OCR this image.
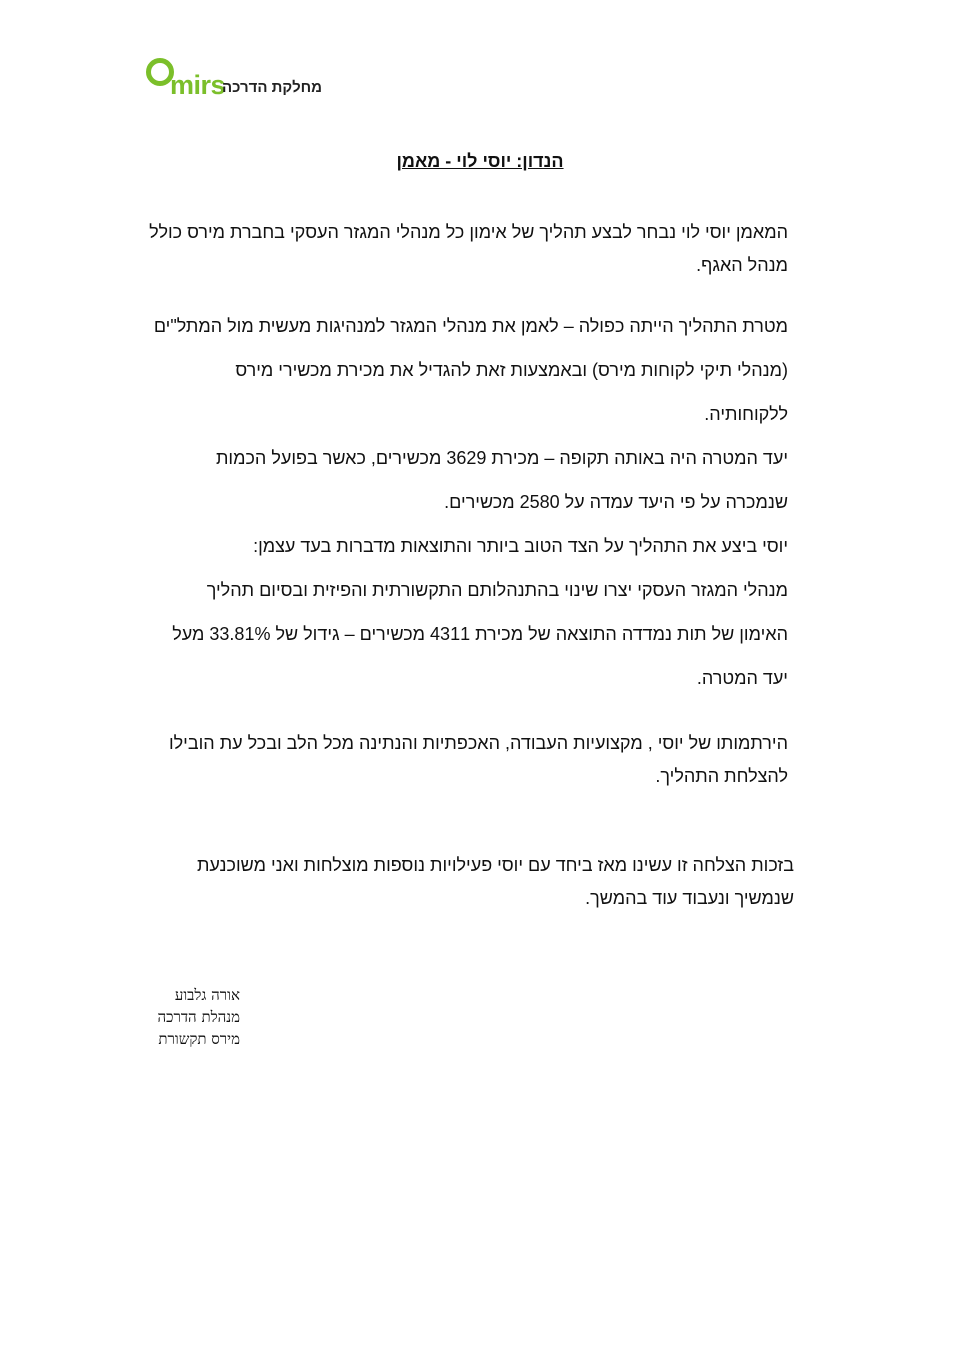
mirs
מחלקת הדרכה
הנדון: יוסי לוי - מאמן
המאמן יוסי לוי נבחר לבצע תהליך של אימון כל מנהלי המגזר העסקי בחברת מירס כולל
מנהל האגף.
מטרת התהליך הייתה כפולה – לאמן את מנהלי המגזר למנהיגות מעשית מול המתל"ים
(מנהלי תיקי לקוחות מירס) ובאמצעות זאת להגדיל את מכירת מכשירי מירס
ללקוחותיה.
יעד המטרה היה באותה תקופה – מכירת 3629 מכשירים, כאשר בפועל הכמות
שנמכרה על פי היעד עמדה על 2580 מכשירים.
יוסי ביצע את התהליך על הצד הטוב ביותר והתוצאות מדברות בעד עצמן:
מנהלי המגזר העסקי יצרו שינוי בהתנהלותם התקשורתית והפיזית ובסיום תהליך
האימון של תות נמדדה התוצאה של מכירת 4311 מכשירים – גידול של 33.81% מעל
יעד המטרה.
הירתמותו של יוסי , מקצועיות העבודה, האכפתיות והנתינה מכל הלב ובכל עת הובילו
להצלחת התהליך.
בזכות הצלחה זו עשינו מאז ביחד עם יוסי פעילויות נוספות מוצלחות ואני משוכנעת
שנמשיך ונעבוד עוד בהמשך.
אורה גלבוע
מנהלת הדרכה
מירס תקשורת
